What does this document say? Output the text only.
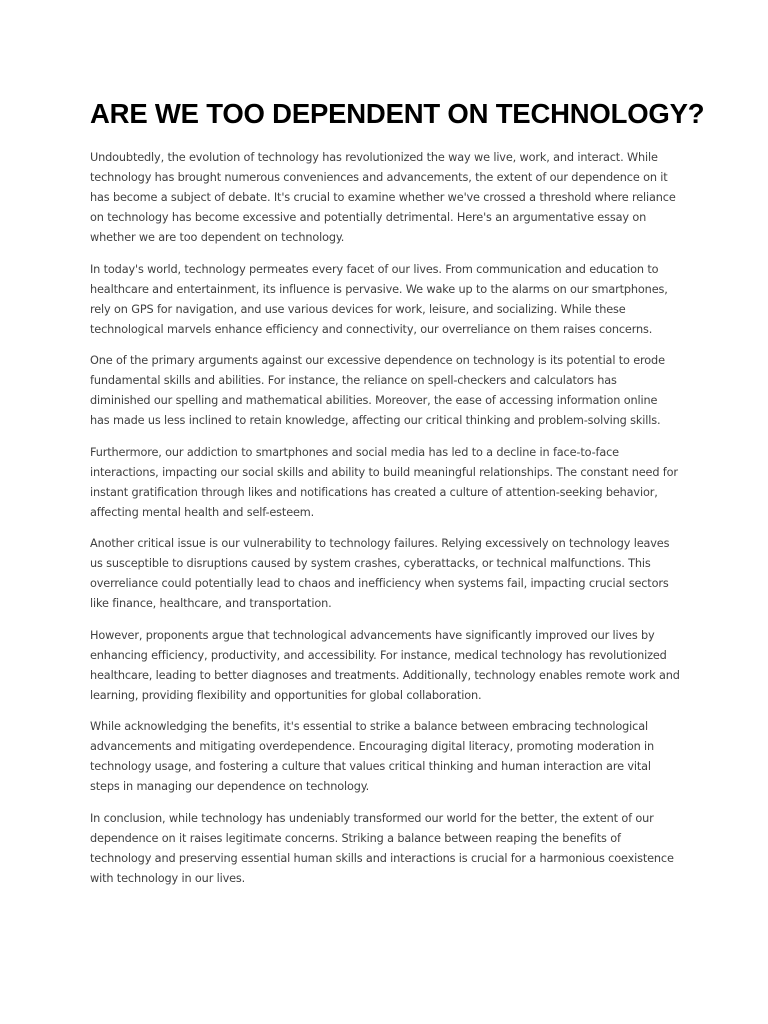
ARE WE TOO DEPENDENT ON TECHNOLOGY?

Undoubtedly, the evolution of technology has revolutionized the way we live, work, and interact. While technology has brought numerous conveniences and advancements, the extent of our dependence on it has become a subject of debate. It's crucial to examine whether we've crossed a threshold where reliance on technology has become excessive and potentially detrimental. Here's an argumentative essay on whether we are too dependent on technology.

In today's world, technology permeates every facet of our lives. From communication and education to healthcare and entertainment, its influence is pervasive. We wake up to the alarms on our smartphones, rely on GPS for navigation, and use various devices for work, leisure, and socializing. While these technological marvels enhance efficiency and connectivity, our overreliance on them raises concerns.

One of the primary arguments against our excessive dependence on technology is its potential to erode fundamental skills and abilities. For instance, the reliance on spell-checkers and calculators has diminished our spelling and mathematical abilities. Moreover, the ease of accessing information online has made us less inclined to retain knowledge, affecting our critical thinking and problem-solving skills.

Furthermore, our addiction to smartphones and social media has led to a decline in face-to-face interactions, impacting our social skills and ability to build meaningful relationships. The constant need for instant gratification through likes and notifications has created a culture of attention-seeking behavior, affecting mental health and self-esteem.

Another critical issue is our vulnerability to technology failures. Relying excessively on technology leaves us susceptible to disruptions caused by system crashes, cyberattacks, or technical malfunctions. This overreliance could potentially lead to chaos and inefficiency when systems fail, impacting crucial sectors like finance, healthcare, and transportation.

However, proponents argue that technological advancements have significantly improved our lives by enhancing efficiency, productivity, and accessibility. For instance, medical technology has revolutionized healthcare, leading to better diagnoses and treatments. Additionally, technology enables remote work and learning, providing flexibility and opportunities for global collaboration.

While acknowledging the benefits, it's essential to strike a balance between embracing technological advancements and mitigating overdependence. Encouraging digital literacy, promoting moderation in technology usage, and fostering a culture that values critical thinking and human interaction are vital steps in managing our dependence on technology.

In conclusion, while technology has undeniably transformed our world for the better, the extent of our dependence on it raises legitimate concerns. Striking a balance between reaping the benefits of technology and preserving essential human skills and interactions is crucial for a harmonious coexistence with technology in our lives.
